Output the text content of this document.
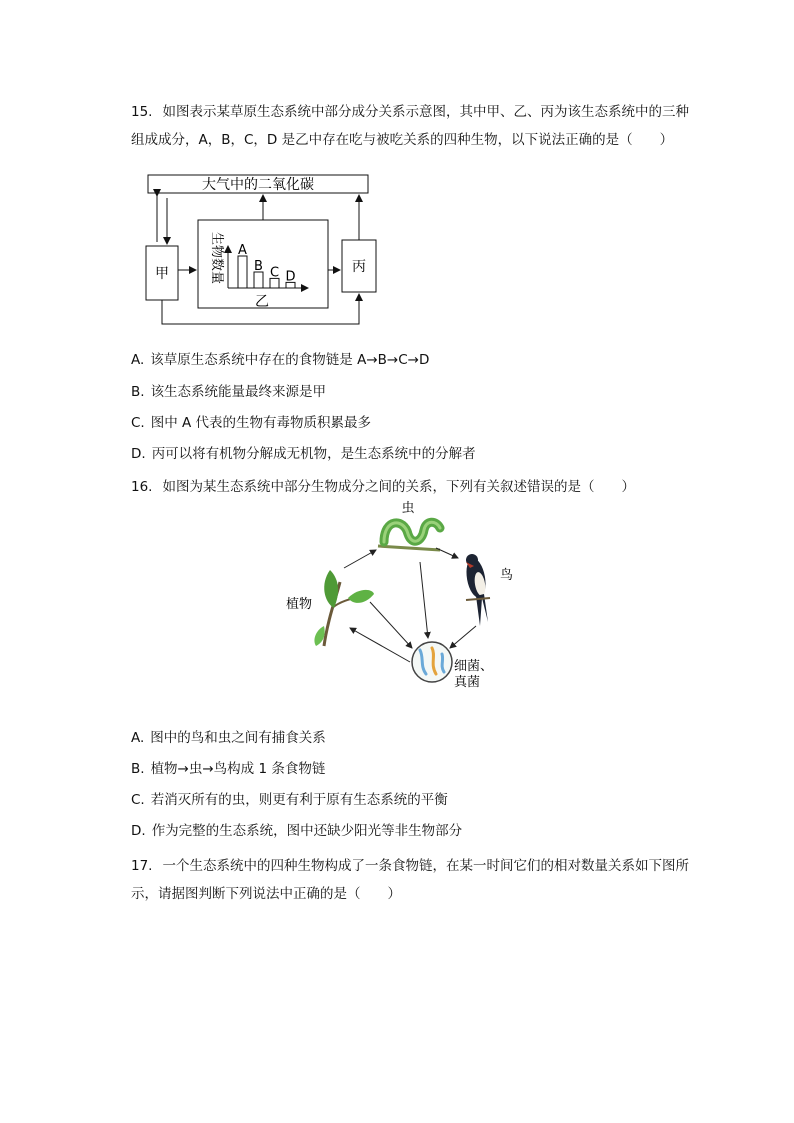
15. 如图表示某草原生态系统中部分成分关系示意图，其中甲、乙、丙为该生态系统中的三种组成成分，A，B，C，D 是乙中存在吃与被吃关系的四种生物，以下说法正确的是（　　）
大气中的二氧化碳
甲	丙
生物数量 A
B C D
乙
A. 该草原生态系统中存在的食物链是 A→B→C→D
B. 该生态系统能量最终来源是甲
C. 图中 A 代表的生物有毒物质积累最多
D. 丙可以将有机物分解成无机物，是生态系统中的分解者
16. 如图为某生态系统中部分生物成分之间的关系，下列有关叙述错误的是（　　）
虫
鸟
植物
细菌、
真菌
A. 图中的鸟和虫之间有捕食关系
B. 植物→虫→鸟构成 1 条食物链
C. 若消灭所有的虫，则更有利于原有生态系统的平衡
D. 作为完整的生态系统，图中还缺少阳光等非生物部分
17. 一个生态系统中的四种生物构成了一条食物链，在某一时间它们的相对数量关系如下图所示，请据图判断下列说法中正确的是（　　）
